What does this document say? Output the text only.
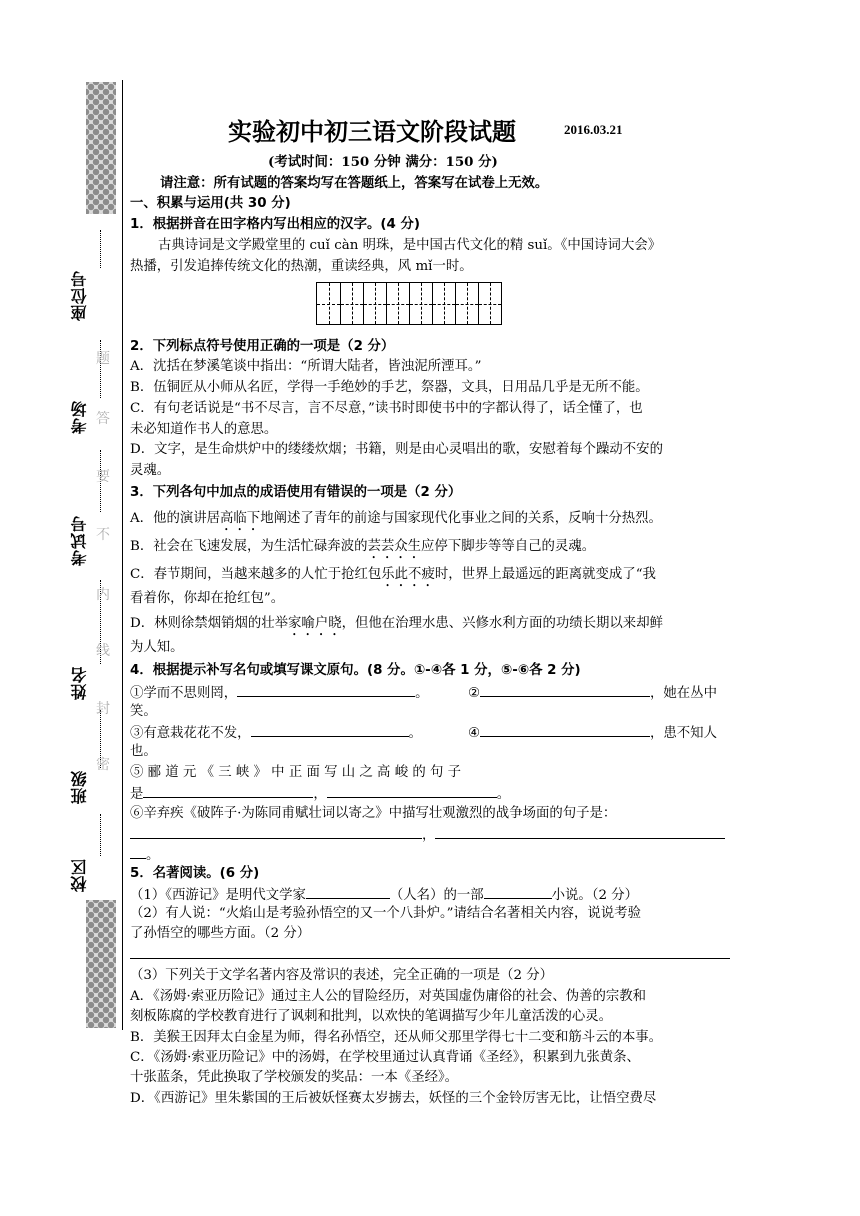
座位号
考场
考试号
姓名
班级
校区
题
答
要
不
内
线
封
密
实验初中初三语文阶段试题	2016.03.21
(考试时间：150 分钟 满分：150 分)
请注意：所有试题的答案均写在答题纸上，答案写在试卷上无效。
一、积累与运用(共 30 分)
1．根据拼音在田字格内写出相应的汉字。(4 分)
古典诗词是文学殿堂里的 cuǐ càn 明珠，是中国古代文化的精 suǐ。《中国诗词大会》
热播，引发追捧传统文化的热潮，重读经典，风 mǐ一时。
2．下列标点符号使用正确的一项是（2 分）
A．沈括在梦溪笔谈中指出：“所谓大陆者，皆浊泥所湮耳。”
B．伍铜匠从小师从名匠，学得一手绝妙的手艺，祭器，文具，日用品几乎是无所不能。
C．有句老话说是“书不尽言，言不尽意，”读书时即使书中的字都认得了，话全懂了，也
未必知道作书人的意思。
D．文字，是生命烘炉中的缕缕炊烟；书籍，则是由心灵唱出的歌，安慰着每个躁动不安的
灵魂。
3．下列各句中加点的成语使用有错误的一项是（2 分）
A．他的演讲居高临下地阐述了青年的前途与国家现代化事业之间的关系，反响十分热烈。
B．社会在飞速发展，为生活忙碌奔波的芸芸众生应停下脚步等等自己的灵魂。
C．春节期间，当越来越多的人忙于抢红包乐此不疲时，世界上最遥远的距离就变成了“我
看着你，你却在抢红包”。
D．林则徐禁烟销烟的壮举家喻户晓，但他在治理水患、兴修水利方面的功绩长期以来却鲜
为人知。
4．根据提示补写名句或填写课文原句。(8 分。①-④各 1 分，⑤-⑥各 2 分)
①学而不思则罔，	。	②	，她在丛中
笑。
③有意栽花花不发，	。	④	，患不知人
也。
⑤ 郦 道 元 《 三 峡 》 中 正 面 写 山 之 高 峻 的 句 子
是	，	。
⑥辛弃疾《破阵子·为陈同甫赋壮词以寄之》中描写壮观激烈的战争场面的句子是：
，
。
5．名著阅读。(6 分)
（1）《西游记》是明代文学家	（人名）的一部	小说。（2 分）
（2）有人说：“火焰山是考验孙悟空的又一个八卦炉。”请结合名著相关内容，说说考验
了孙悟空的哪些方面。（2 分）
（3）下列关于文学名著内容及常识的表述，完全正确的一项是（2 分）
A．《汤姆·索亚历险记》通过主人公的冒险经历，对英国虚伪庸俗的社会、伪善的宗教和
刻板陈腐的学校教育进行了讽刺和批判，以欢快的笔调描写少年儿童活泼的心灵。
B．美猴王因拜太白金星为师，得名孙悟空，还从师父那里学得七十二变和筋斗云的本事。
C．《汤姆·索亚历险记》中的汤姆，在学校里通过认真背诵《圣经》，积累到九张黄条、
十张蓝条，凭此换取了学校颁发的奖品：一本《圣经》。
D．《西游记》里朱紫国的王后被妖怪赛太岁掳去，妖怪的三个金铃厉害无比，让悟空费尽
